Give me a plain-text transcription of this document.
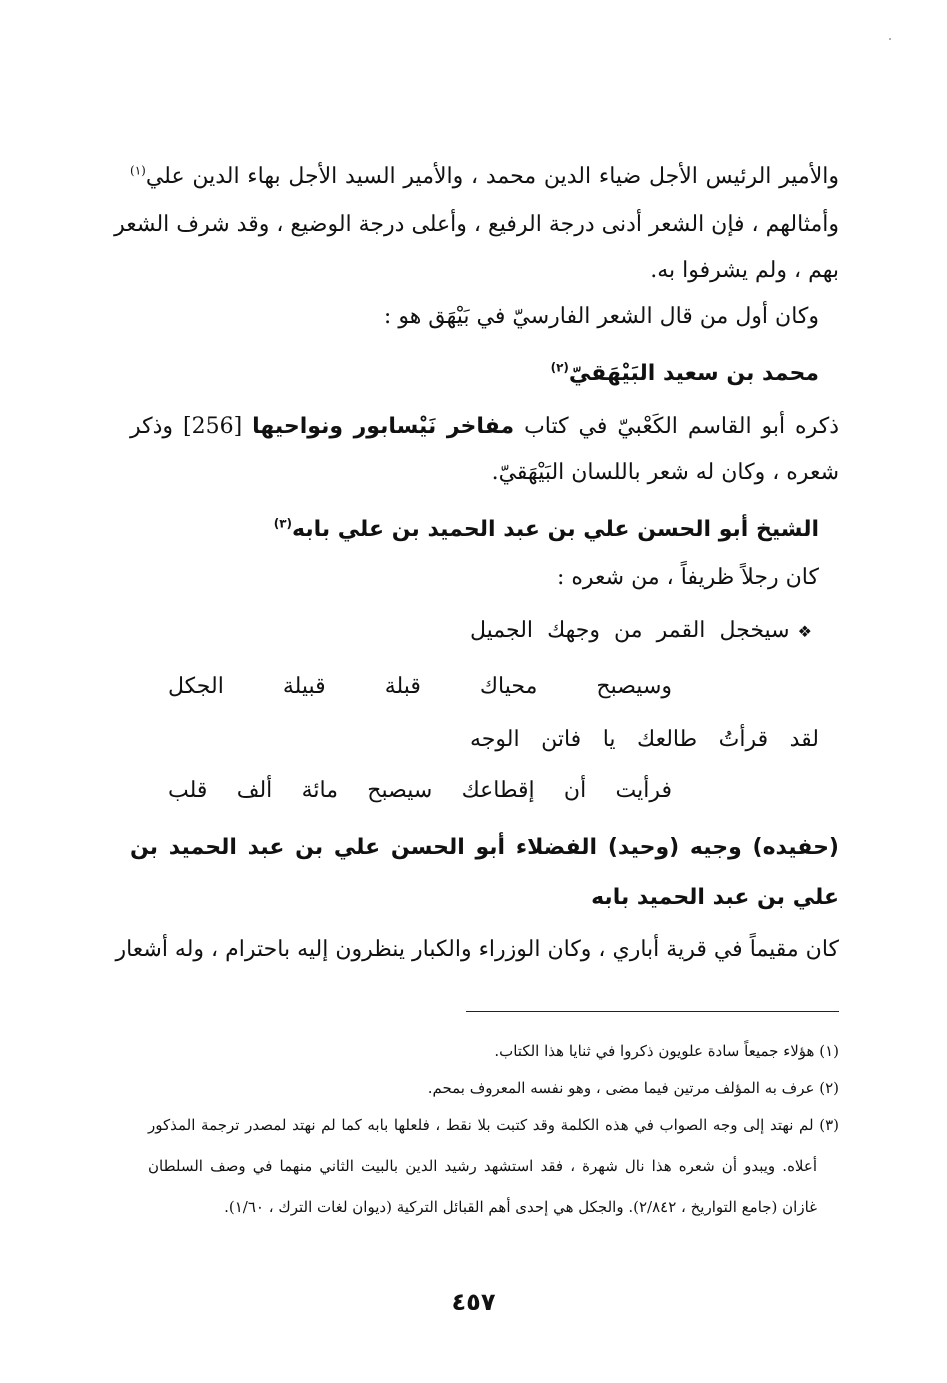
والأمير الرئيس الأجل ضياء الدين محمد ، والأمير السيد الأجل بهاء الدين علي$^{(١)}$
وأمثالهم ، فإن الشعر أدنى درجة الرفيع ، وأعلى درجة الوضيع ، وقد شرف الشعر
بهم ، ولم يشرفوا به.
وكان أول من قال الشعر الفارسيّ في بَيْهَق هو :
محمد بن سعيد البَيْهَقيّ$^{(٢)}$
ذكره أبو القاسم الكَعْبيّ في كتاب مفاخر نَيْسابور ونواحيها [256] وذكر
شعره ، وكان له شعر باللسان البَيْهَقيّ.
الشيخ أبو الحسن علي بن عبد الحميد بن علي بابه$^{(٣)}$
كان رجلاً ظريفاً ، من شعره :
❖سيخجل القمر من وجهك الجميل
وسيصبح محياك قبلة قبيلة الجكل
لقد قرأتُ طالعك يا فاتن الوجه
فرأيت أن إقطاعك سيصبح مائة ألف قلب
(حفيده) وجيه (وحيد) الفضلاء أبو الحسن علي بن عبد الحميد بن
علي بن عبد الحميد بابه
كان مقيماً في قرية أباري ، وكان الوزراء والكبار ينظرون إليه باحترام ، وله أشعار
(١) هؤلاء جميعاً سادة علويون ذكروا في ثنايا هذا الكتاب.
(٢) عرف به المؤلف مرتين فيما مضى ، وهو نفسه المعروف بمحم.
(٣) لم نهتد إلى وجه الصواب في هذه الكلمة وقد كتبت بلا نقط ، فلعلها بابه كما لم نهتد لمصدر ترجمة المذكور
أعلاه. ويبدو أن شعره هذا نال شهرة ، فقد استشهد رشيد الدين بالبيت الثاني منهما في وصف السلطان
غازان (جامع التواريخ ، ٢/٨٤٢). والجكل هي إحدى أهم القبائل التركية (ديوان لغات الترك ، ١/٦٠).
٤٥٧
